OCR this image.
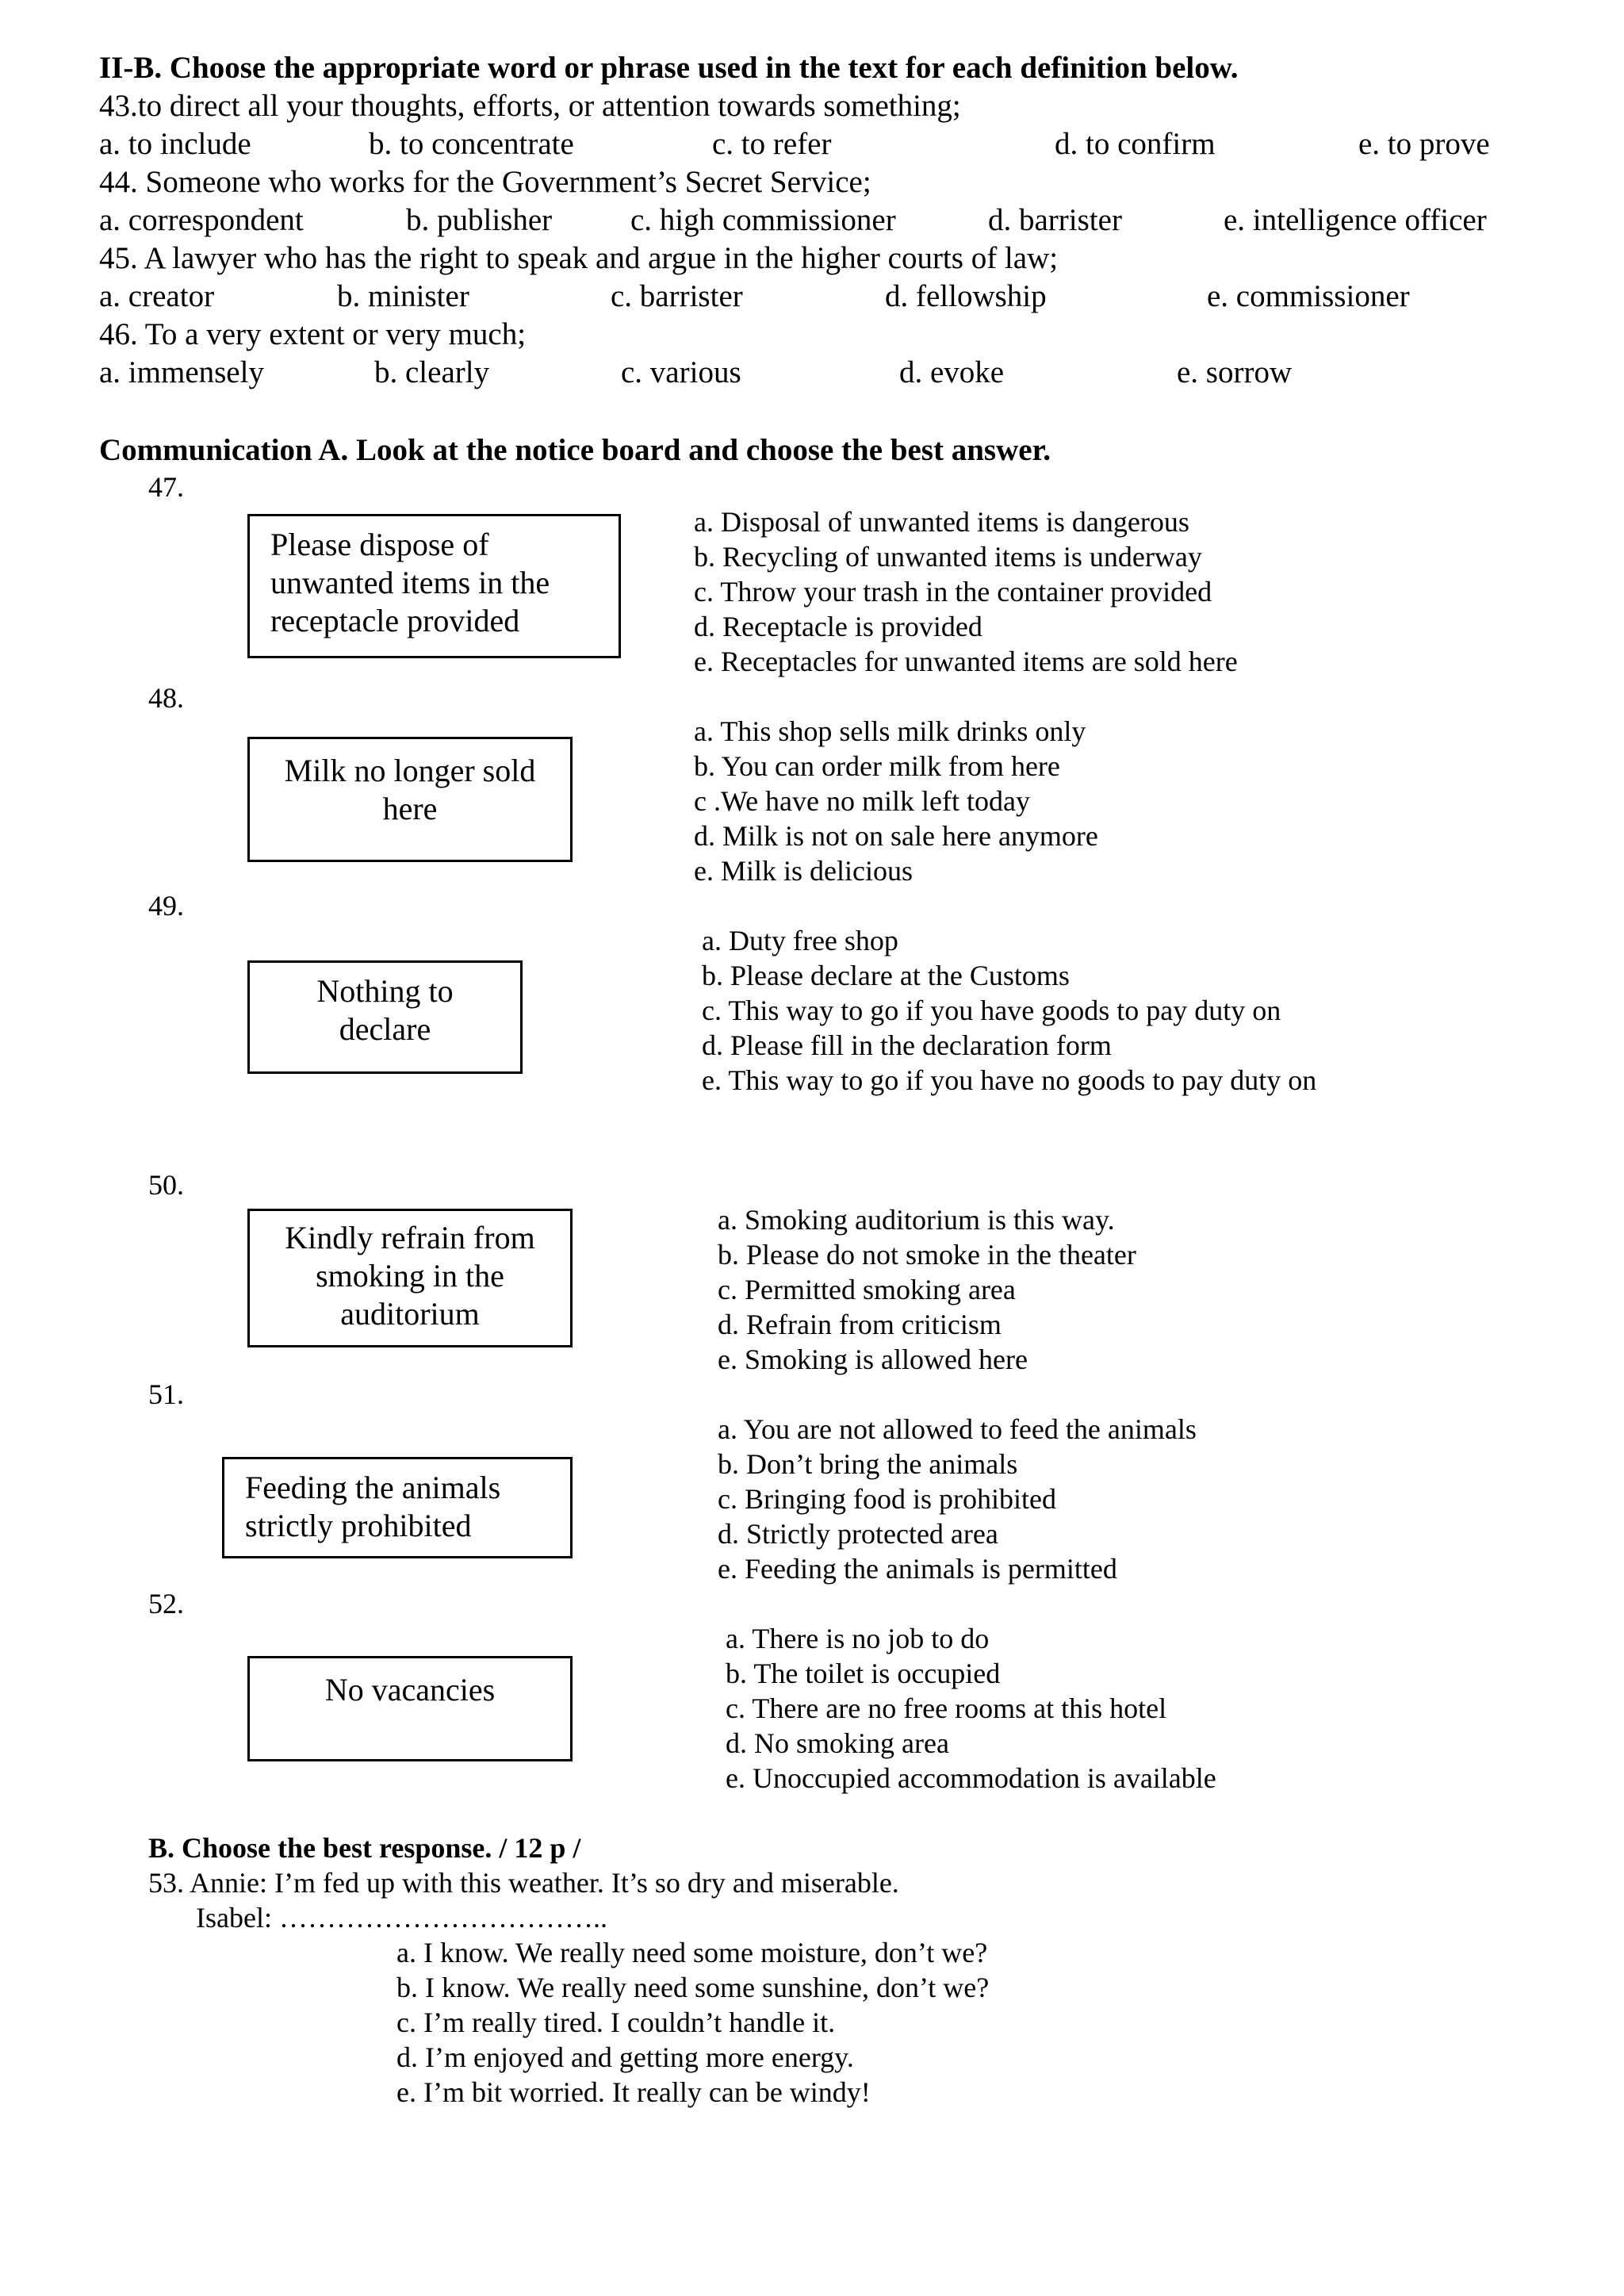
II-B. Choose the appropriate word or phrase used in the text for each definition below.
43.to direct all your thoughts, efforts, or attention towards something;
a. to include	b. to concentrate	c. to refer	d. to confirm	e. to prove
44. Someone who works for the Government’s Secret Service;
a. correspondent	b. publisher	c. high commissioner	d. barrister	e. intelligence officer
45. A lawyer who has the right to speak and argue in the higher courts of law;
a. creator	b. minister	c. barrister	d. fellowship	e. commissioner
46. To a very extent or very much;
a. immensely	b. clearly	c. various	d. evoke	e. sorrow
Communication A. Look at the notice board and choose the best answer.
47.
Please dispose of
unwanted items in the
receptacle provided
a. Disposal of unwanted items is dangerous
b. Recycling of unwanted items is underway
c. Throw your trash in the container provided
d. Receptacle is provided
e. Receptacles for unwanted items are sold here
48.
Milk no longer sold
here
a. This shop sells milk drinks only
b. You can order milk from here
c .We have no milk left today
d. Milk is not on sale here anymore
e. Milk is delicious
49.
Nothing to
declare
a. Duty free shop
b. Please declare at the Customs
c. This way to go if you have goods to pay duty on
d. Please fill in the declaration form
e. This way to go if you have no goods to pay duty on
50.
Kindly refrain from
smoking in the
auditorium
a. Smoking auditorium is this way.
b. Please do not smoke in the theater
c. Permitted smoking area
d. Refrain from criticism
e. Smoking is allowed here
51.
Feeding the animals
strictly prohibited
a. You are not allowed to feed the animals
b. Don’t bring the animals
c. Bringing food is prohibited
d. Strictly protected area
e. Feeding the animals is permitted
52.
No vacancies
a. There is no job to do
b. The toilet is occupied
c. There are no free rooms at this hotel
d. No smoking area
e. Unoccupied accommodation is available
B. Choose the best response. / 12 p /
53. Annie: I’m fed up with this weather. It’s so dry and miserable.
Isabel: ……………………………..
a. I know. We really need some moisture, don’t we?
b. I know. We really need some sunshine, don’t we?
c. I’m really tired. I couldn’t handle it.
d. I’m enjoyed and getting more energy.
e. I’m bit worried. It really can be windy!
